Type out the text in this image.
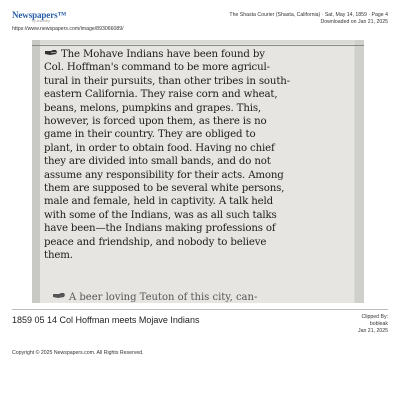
Newspapers™
by ancestry
https://www.newspapers.com/image/893066089/
The Shasta Courier (Shasta, California) · Sat, May 14, 1859 · Page 4
Downloaded on Jan 21, 2025
The Mohave Indians have been found by
Col. Hoffman's command to be more agricul-
tural in their pursuits, than other tribes in south-
eastern California. They raise corn and wheat,
beans, melons, pumpkins and grapes. This,
however, is forced upon them, as there is no
game in their country. They are obliged to
plant, in order to obtain food. Having no chief
they are divided into small bands, and do not
assume any responsibility for their acts. Among
them are supposed to be several white persons,
male and female, held in captivity. A talk held
with some of the Indians, was as all such talks
have been—the Indians making professions of
peace and friendship, and nobody to believe
them.
A beer loving Teuton of this city, can-
1859 05 14 Col Hoffman meets Mojave Indians	Clipped By:
bobleak
Jan 21, 2025
Copyright © 2025 Newspapers.com. All Rights Reserved.
